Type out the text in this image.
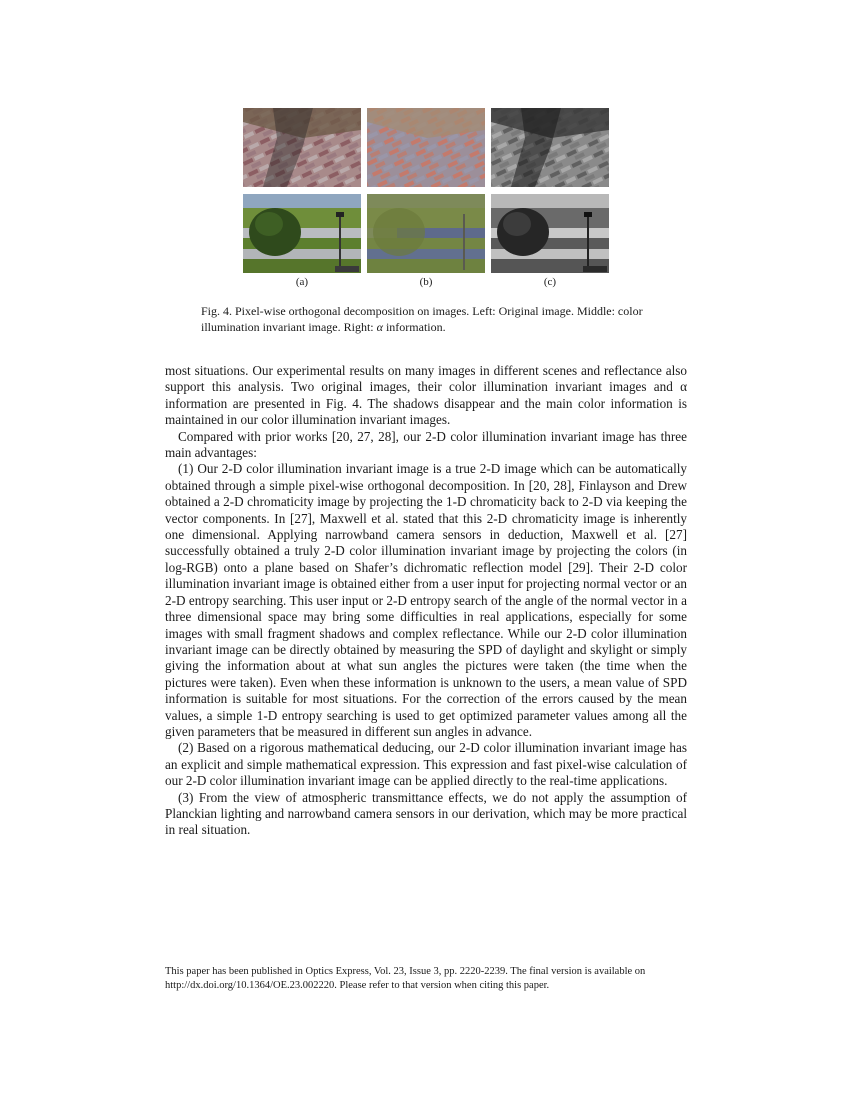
(a)	(b)	(c)
Fig. 4. Pixel-wise orthogonal decomposition on images. Left: Original image. Middle: color illumination invariant image. Right: α information.

most situations. Our experimental results on many images in different scenes and reflectance also support this analysis. Two original images, their color illumination invariant images and α information are presented in Fig. 4. The shadows disappear and the main color information is maintained in our color illumination invariant images.

Compared with prior works [20, 27, 28], our 2-D color illumination invariant image has three main advantages:

(1) Our 2-D color illumination invariant image is a true 2-D image which can be automatically obtained through a simple pixel-wise orthogonal decomposition. In [20, 28], Finlayson and Drew obtained a 2-D chromaticity image by projecting the 1-D chromaticity back to 2-D via keeping the vector components. In [27], Maxwell et al. stated that this 2-D chromaticity image is inherently one dimensional. Applying narrowband camera sensors in deduction, Maxwell et al. [27] successfully obtained a truly 2-D color illumination invariant image by projecting the colors (in log-RGB) onto a plane based on Shafer’s dichromatic reflection model [29]. Their 2-D color illumination invariant image is obtained either from a user input for projecting normal vector or an 2-D entropy searching. This user input or 2-D entropy search of the angle of the normal vector in a three dimensional space may bring some difficulties in real applications, especially for some images with small fragment shadows and complex reflectance. While our 2-D color illumination invariant image can be directly obtained by measuring the SPD of daylight and skylight or simply giving the information about at what sun angles the pictures were taken (the time when the pictures were taken). Even when these information is unknown to the users, a mean value of SPD information is suitable for most situations. For the correction of the errors caused by the mean values, a simple 1-D entropy searching is used to get optimized parameter values among all the given parameters that be measured in different sun angles in advance.

(2) Based on a rigorous mathematical deducing, our 2-D color illumination invariant image has an explicit and simple mathematical expression. This expression and fast pixel-wise calculation of our 2-D color illumination invariant image can be applied directly to the real-time applications.

(3) From the view of atmospheric transmittance effects, we do not apply the assumption of Planckian lighting and narrowband camera sensors in our derivation, which may be more practical in real situation.

This paper has been published in Optics Express, Vol. 23, Issue 3, pp. 2220-2239. The final version is available on
http://dx.doi.org/10.1364/OE.23.002220. Please refer to that version when citing this paper.
